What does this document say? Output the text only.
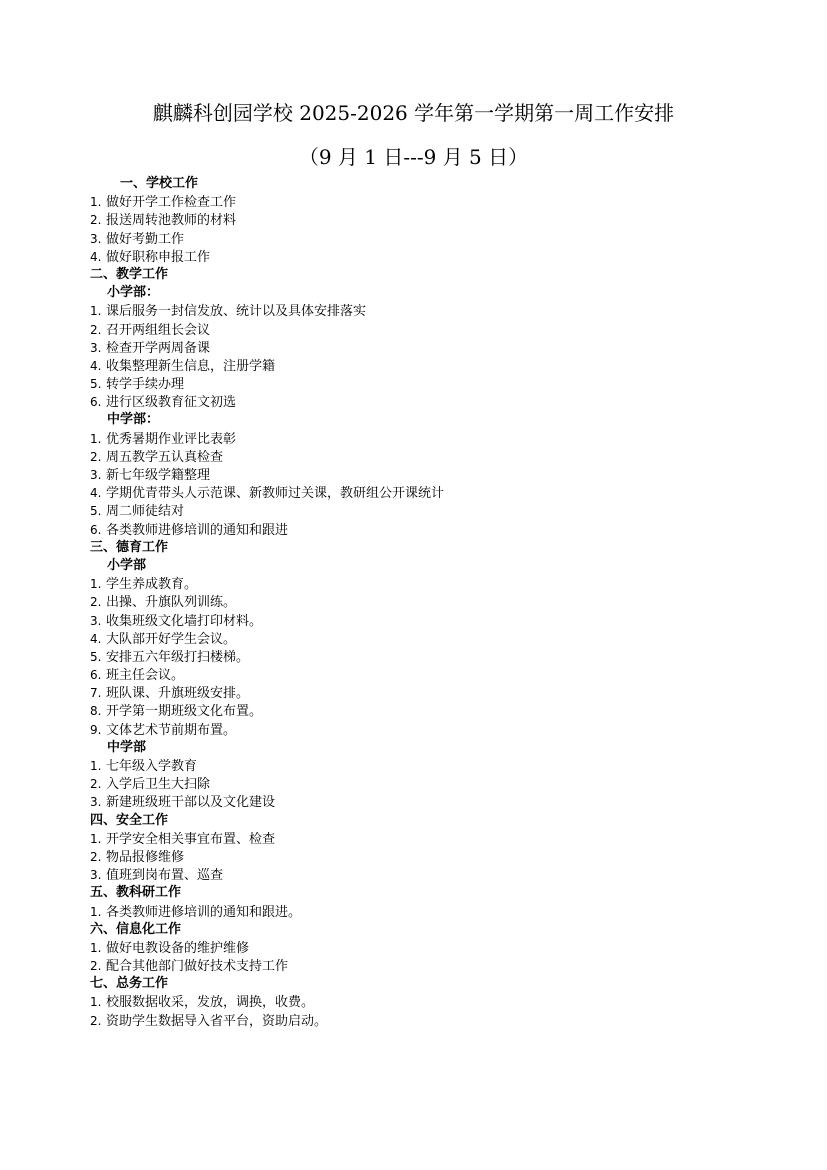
麒麟科创园学校 2025-2026 学年第一学期第一周工作安排
（9 月 1 日---9 月 5 日）
一、学校工作
1. 做好开学工作检查工作
2. 报送周转池教师的材料
3. 做好考勤工作
4. 做好职称申报工作
二、教学工作
小学部：
1. 课后服务一封信发放、统计以及具体安排落实
2. 召开两组组长会议
3. 检查开学两周备课
4. 收集整理新生信息，注册学籍
5. 转学手续办理
6. 进行区级教育征文初选
中学部：
1. 优秀暑期作业评比表彰
2. 周五教学五认真检查
3. 新七年级学籍整理
4. 学期优青带头人示范课、新教师过关课，教研组公开课统计
5. 周二师徒结对
6. 各类教师进修培训的通知和跟进
三、德育工作
小学部
1. 学生养成教育。
2. 出操、升旗队列训练。
3. 收集班级文化墙打印材料。
4. 大队部开好学生会议。
5. 安排五六年级打扫楼梯。
6. 班主任会议。
7. 班队课、升旗班级安排。
8. 开学第一期班级文化布置。
9. 文体艺术节前期布置。
中学部
1. 七年级入学教育
2. 入学后卫生大扫除
3. 新建班级班干部以及文化建设
四、安全工作
1. 开学安全相关事宜布置、检查
2. 物品报修维修
3. 值班到岗布置、巡查
五、教科研工作
1. 各类教师进修培训的通知和跟进。
六、信息化工作
1. 做好电教设备的维护维修
2. 配合其他部门做好技术支持工作
七、总务工作
1. 校服数据收采，发放，调换，收费。
2. 资助学生数据导入省平台，资助启动。
